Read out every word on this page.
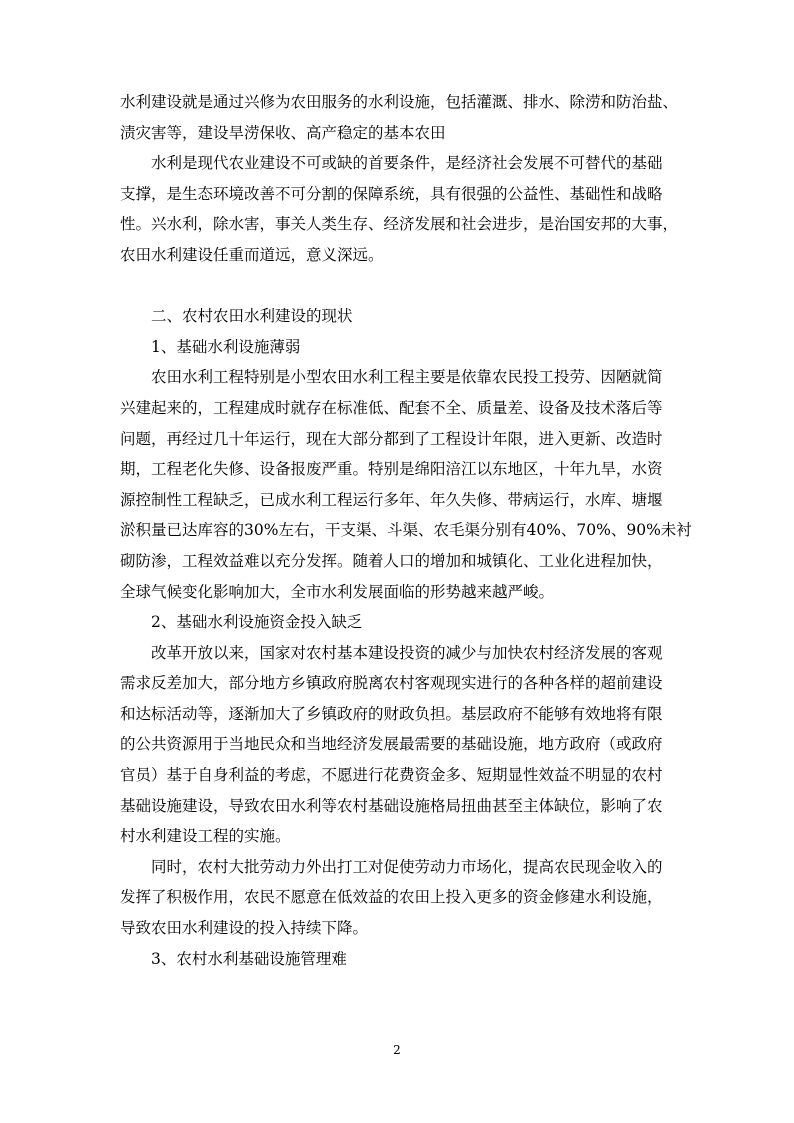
水利建设就是通过兴修为农田服务的水利设施，包括灌溉、排水、除涝和防治盐、
渍灾害等，建设旱涝保收、高产稳定的基本农田
　　水利是现代农业建设不可或缺的首要条件，是经济社会发展不可替代的基础
支撑，是生态环境改善不可分割的保障系统，具有很强的公益性、基础性和战略
性。兴水利，除水害，事关人类生存、经济发展和社会进步，是治国安邦的大事，
农田水利建设任重而道远，意义深远。
　　二、农村农田水利建设的现状
　　1、基础水利设施薄弱
　　农田水利工程特别是小型农田水利工程主要是依靠农民投工投劳、因陋就简
兴建起来的，工程建成时就存在标准低、配套不全、质量差、设备及技术落后等
问题，再经过几十年运行，现在大部分都到了工程设计年限，进入更新、改造时
期，工程老化失修、设备报废严重。特别是绵阳涪江以东地区，十年九旱，水资
源控制性工程缺乏，已成水利工程运行多年、年久失修、带病运行，水库、塘堰
淤积量已达库容的30%左右，干支渠、斗渠、农毛渠分别有40%、70%、90%未衬
砌防渗，工程效益难以充分发挥。随着人口的增加和城镇化、工业化进程加快，
全球气候变化影响加大，全市水利发展面临的形势越来越严峻。
　　2、基础水利设施资金投入缺乏
　　改革开放以来，国家对农村基本建设投资的减少与加快农村经济发展的客观
需求反差加大，部分地方乡镇政府脱离农村客观现实进行的各种各样的超前建设
和达标活动等，逐渐加大了乡镇政府的财政负担。基层政府不能够有效地将有限
的公共资源用于当地民众和当地经济发展最需要的基础设施，地方政府（或政府
官员）基于自身利益的考虑，不愿进行花费资金多、短期显性效益不明显的农村
基础设施建设，导致农田水利等农村基础设施格局扭曲甚至主体缺位，影响了农
村水利建设工程的实施。
　　同时，农村大批劳动力外出打工对促使劳动力市场化，提高农民现金收入的
发挥了积极作用，农民不愿意在低效益的农田上投入更多的资金修建水利设施，
导致农田水利建设的投入持续下降。
　　3、农村水利基础设施管理难
2
